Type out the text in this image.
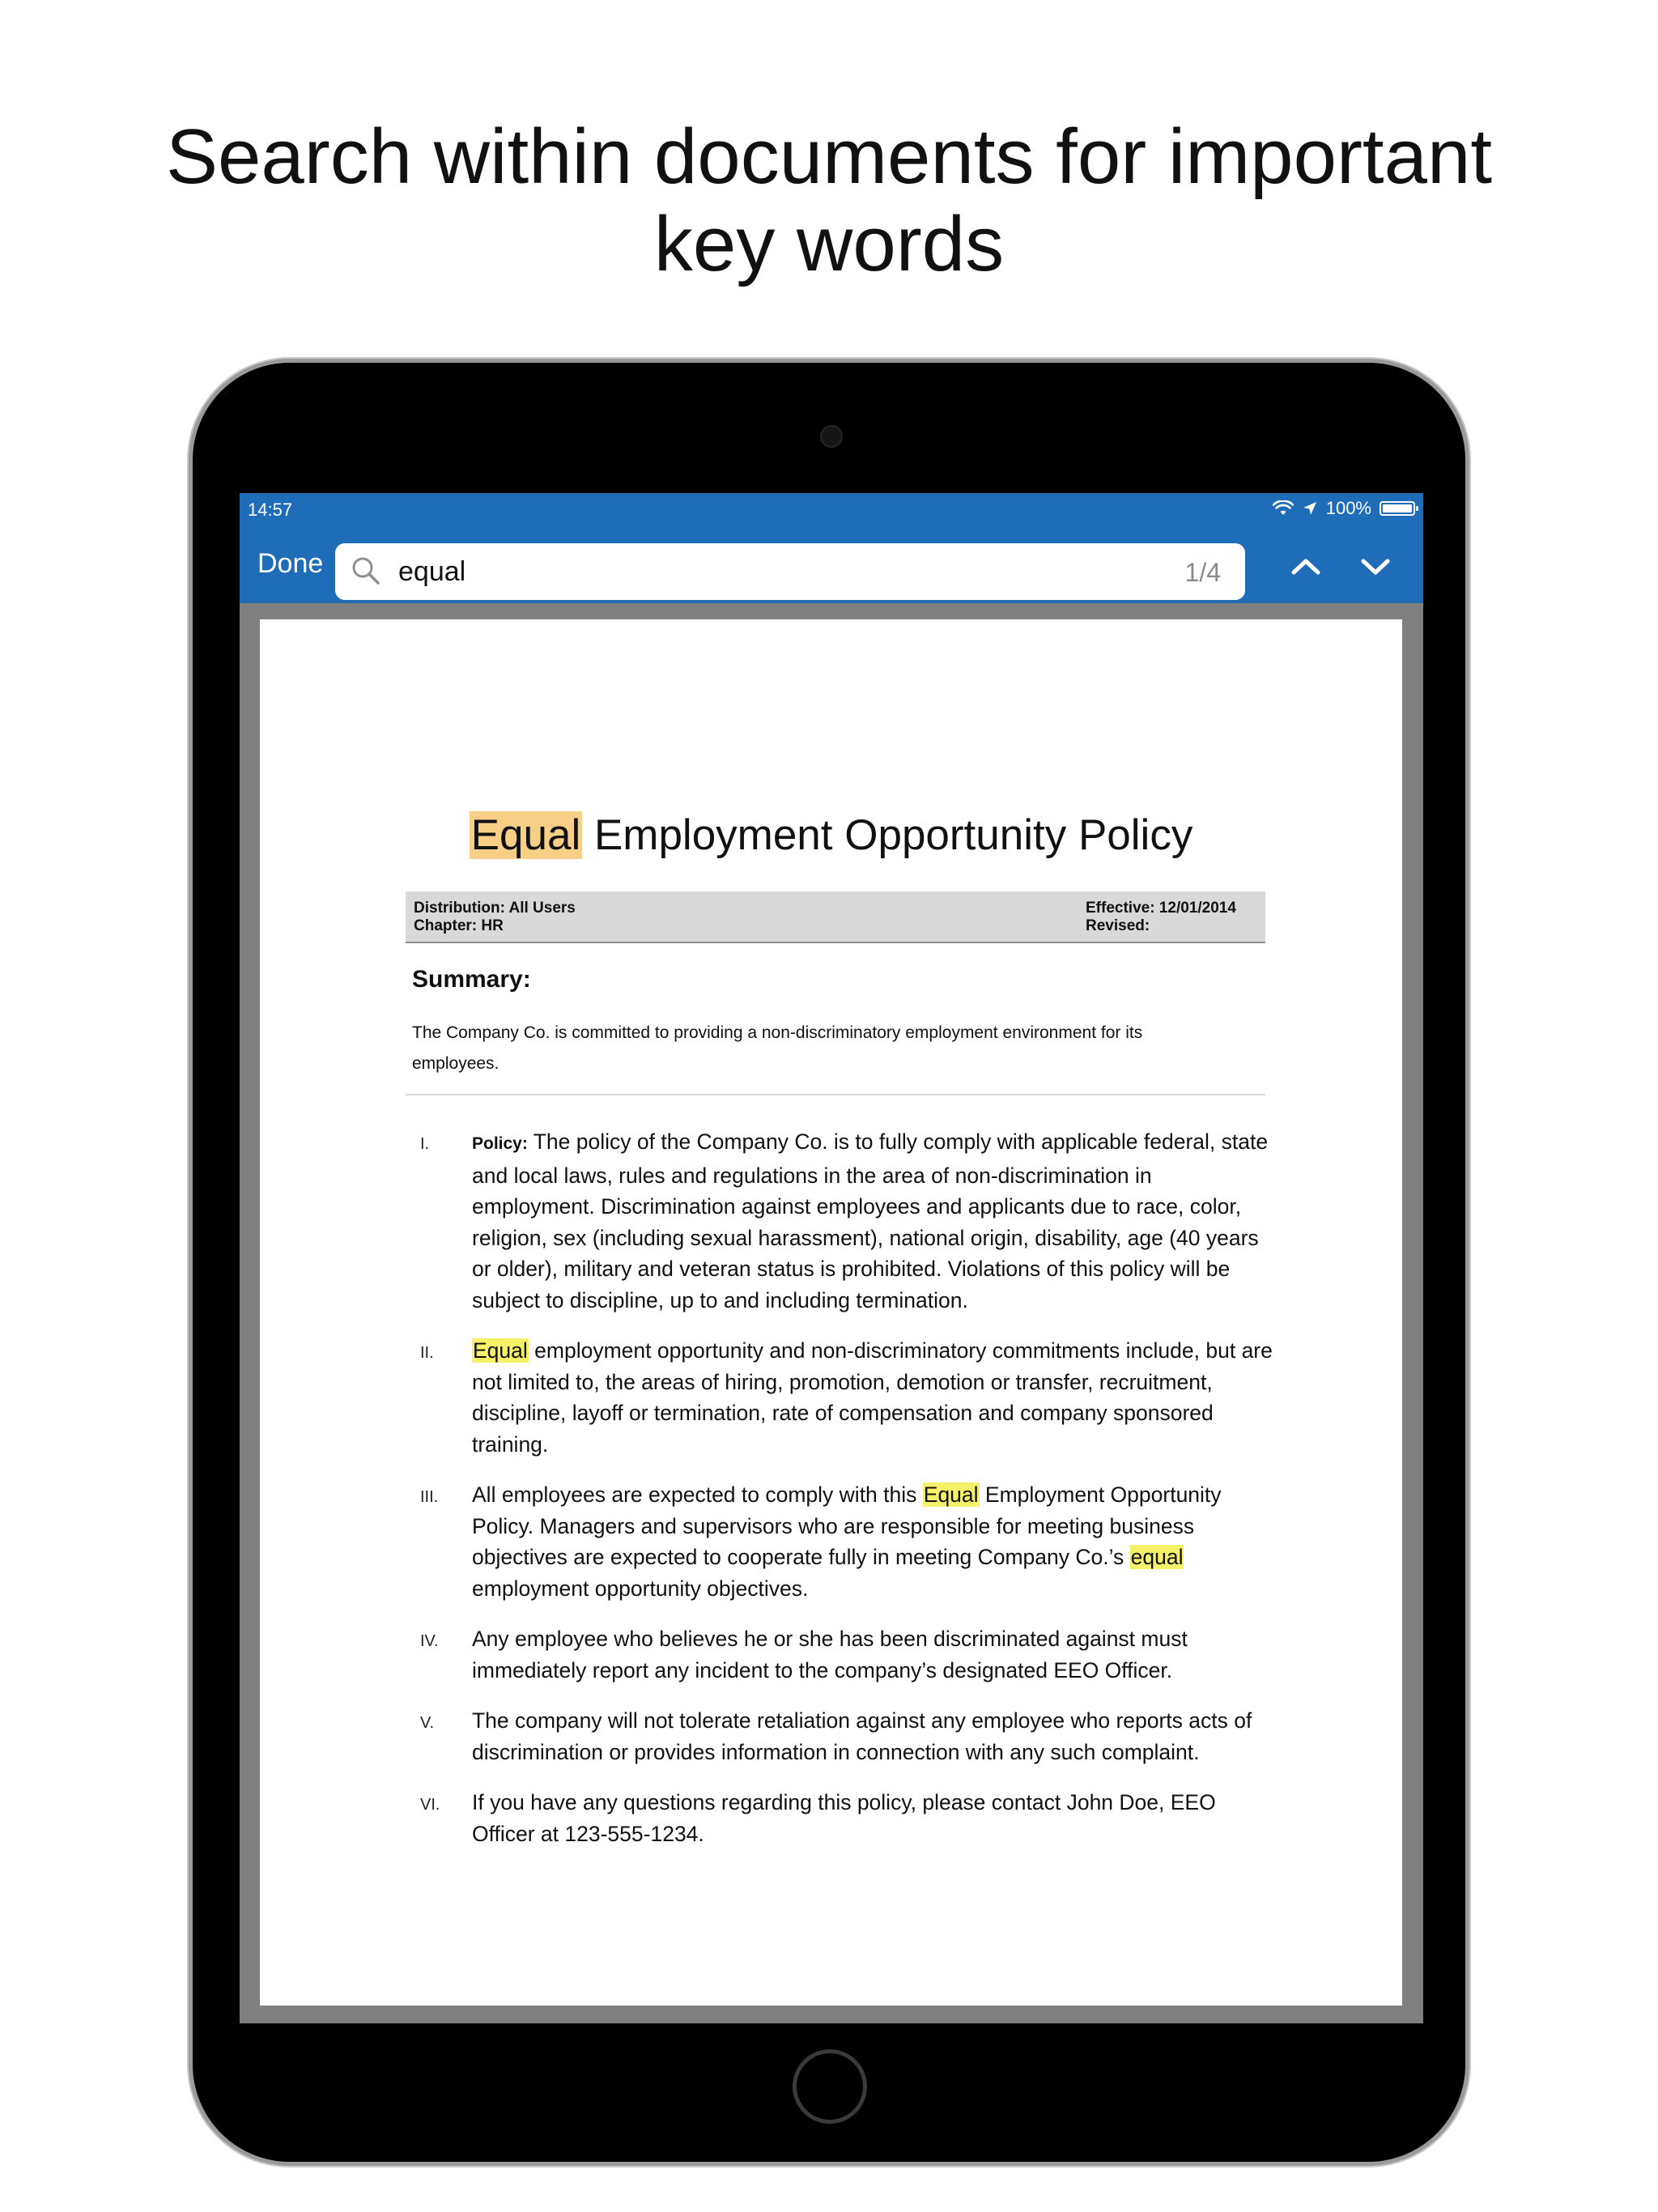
Search within documents for important
key words
14:57	100%
Done
equal	1/4
Equal Employment Opportunity Policy
Distribution: All Users
Chapter: HR
Effective: 12/01/2014
Revised:
Summary:
The Company Co. is committed to providing a non-discriminatory employment environment for its employees.
I.	Policy: The policy of the Company Co. is to fully comply with applicable federal, state and local laws, rules and regulations in the area of non-discrimination in employment. Discrimination against employees and applicants due to race, color, religion, sex (including sexual harassment), national origin, disability, age (40 years or older), military and veteran status is prohibited. Violations of this policy will be subject to discipline, up to and including termination.
II.	Equal employment opportunity and non-discriminatory commitments include, but are not limited to, the areas of hiring, promotion, demotion or transfer, recruitment, discipline, layoff or termination, rate of compensation and company sponsored training.
III.	All employees are expected to comply with this Equal Employment Opportunity Policy. Managers and supervisors who are responsible for meeting business objectives are expected to cooperate fully in meeting Company Co.’s equal employment opportunity objectives.
IV.	Any employee who believes he or she has been discriminated against must immediately report any incident to the company’s designated EEO Officer.
V.	The company will not tolerate retaliation against any employee who reports acts of discrimination or provides information in connection with any such complaint.
VI.	If you have any questions regarding this policy, please contact John Doe, EEO Officer at 123-555-1234.
